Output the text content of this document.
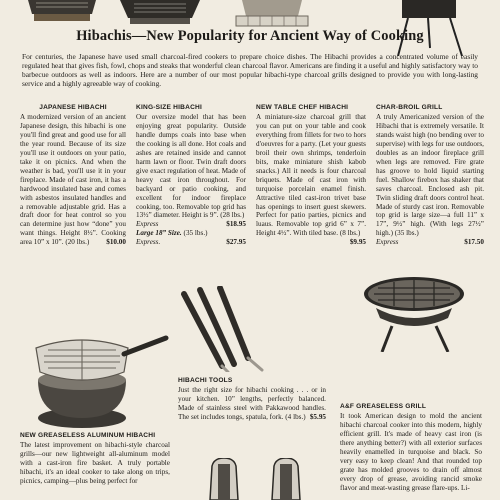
Hibachis—New Popularity for Ancient Way of Cooking
For centuries, the Japanese have used small charcoal-fired cookers to prepare choice dishes. The Hibachi provides a concentrated volume of easily regulated heat that gives fish, fowl, chops and steaks that wonderful clean charcoal flavor. Americans are finding it a useful and highly satisfactory way to barbecue outdoors as well as indoors. Here are a number of our most popular hibachi-type charcoal grills designed to provide you with long-lasting service and a highly agreeable way of cooking.
JAPANESE HIBACHI
A modernized version of an ancient Japanese design, this hibachi is one you'll find great and good use for all the year round. Because of its size you'll use it outdoors on your patio, take it on picnics. And when the weather is bad, you'll use it in your fireplace. Made of cast iron, it has a hardwood insulated base and comes with asbestos insulated handles and a removable adjustable grid. Has a draft door for heat control so you can determine just how “done” you want things. Height 8½”. Cooking area 10” x 10”. (20 lbs.) $10.00
KING-SIZE HIBACHI
Our oversize model that has been enjoying great popularity. Outside handle dumps coals into base when the cooking is all done. Hot coals and ashes are retained inside and cannot harm lawn or floor. Twin draft doors give exact regulation of heat. Made of heavy cast iron throughout. For backyard or patio cooking, and excellent for indoor fireplace cooking, too. Removable top grid has 13½” diameter. Height is 9”. (28 lbs.)
Express	$18.95
Large 18” Size. (35 lbs.)
Express.	$27.95
NEW TABLE CHEF HIBACHI
A miniature-size charcoal grill that you can put on your table and cook everything from fillets for two to hors d'oeuvres for a party. (Let your guests broil their own shrimps, tenderloin bits, make miniature shish kabob snacks.) All it needs is four charcoal briquets. Made of cast iron with turquoise porcelain enamel finish. Attractive tiled cast-iron trivet base has openings to insert guest skewers. Perfect for patio parties, picnics and luaus. Removable top grid 6” x 7”. Height 4½”. With tiled base. (8 lbs.)
$9.95
CHAR-BROIL GRILL
A truly Americanized version of the Hibachi that is extremely versatile. It stands waist high (no bending over to supervise) with legs for use outdoors, doubles as an indoor fireplace grill when legs are removed. Fire grate has groove to hold liquid starting fuel. Shallow firebox has shaker that saves charcoal. Enclosed ash pit. Twin sliding draft doors control heat. Made of sturdy cast iron. Removable top grid is large size—a full 11” x 17”, 9½” high. (With legs 27½” high.) (35 lbs.)
Express	$17.50
HIBACHI TOOLS
Just the right size for hibachi cooking . . . or in your kitchen. 10” lengths, perfectly balanced. Made of stainless steel with Pakkawood handles. The set includes tongs, spatula, fork. (4 lbs.) $5.95
A&F GREASELESS GRILL
It took American design to mold the ancient hibachi charcoal cooker into this modern, highly efficient grill. It's made of heavy cast iron (is there anything better?) with all exterior surfaces heavily enamelled in turquoise and black. So very easy to keep clean! And that rounded top grate has molded grooves to drain off almost every drop of grease, avoiding rancid smoke flavor and meat-wasting grease flare-ups. Li-
NEW GREASELESS ALUMINUM HIBACHI
The latest improvement on hibachi-style charcoal grills—our new lightweight all-aluminum model with a cast-iron fire basket. A truly portable hibachi, it's an ideal cooker to take along on trips, picnics, camping—plus being perfect for
